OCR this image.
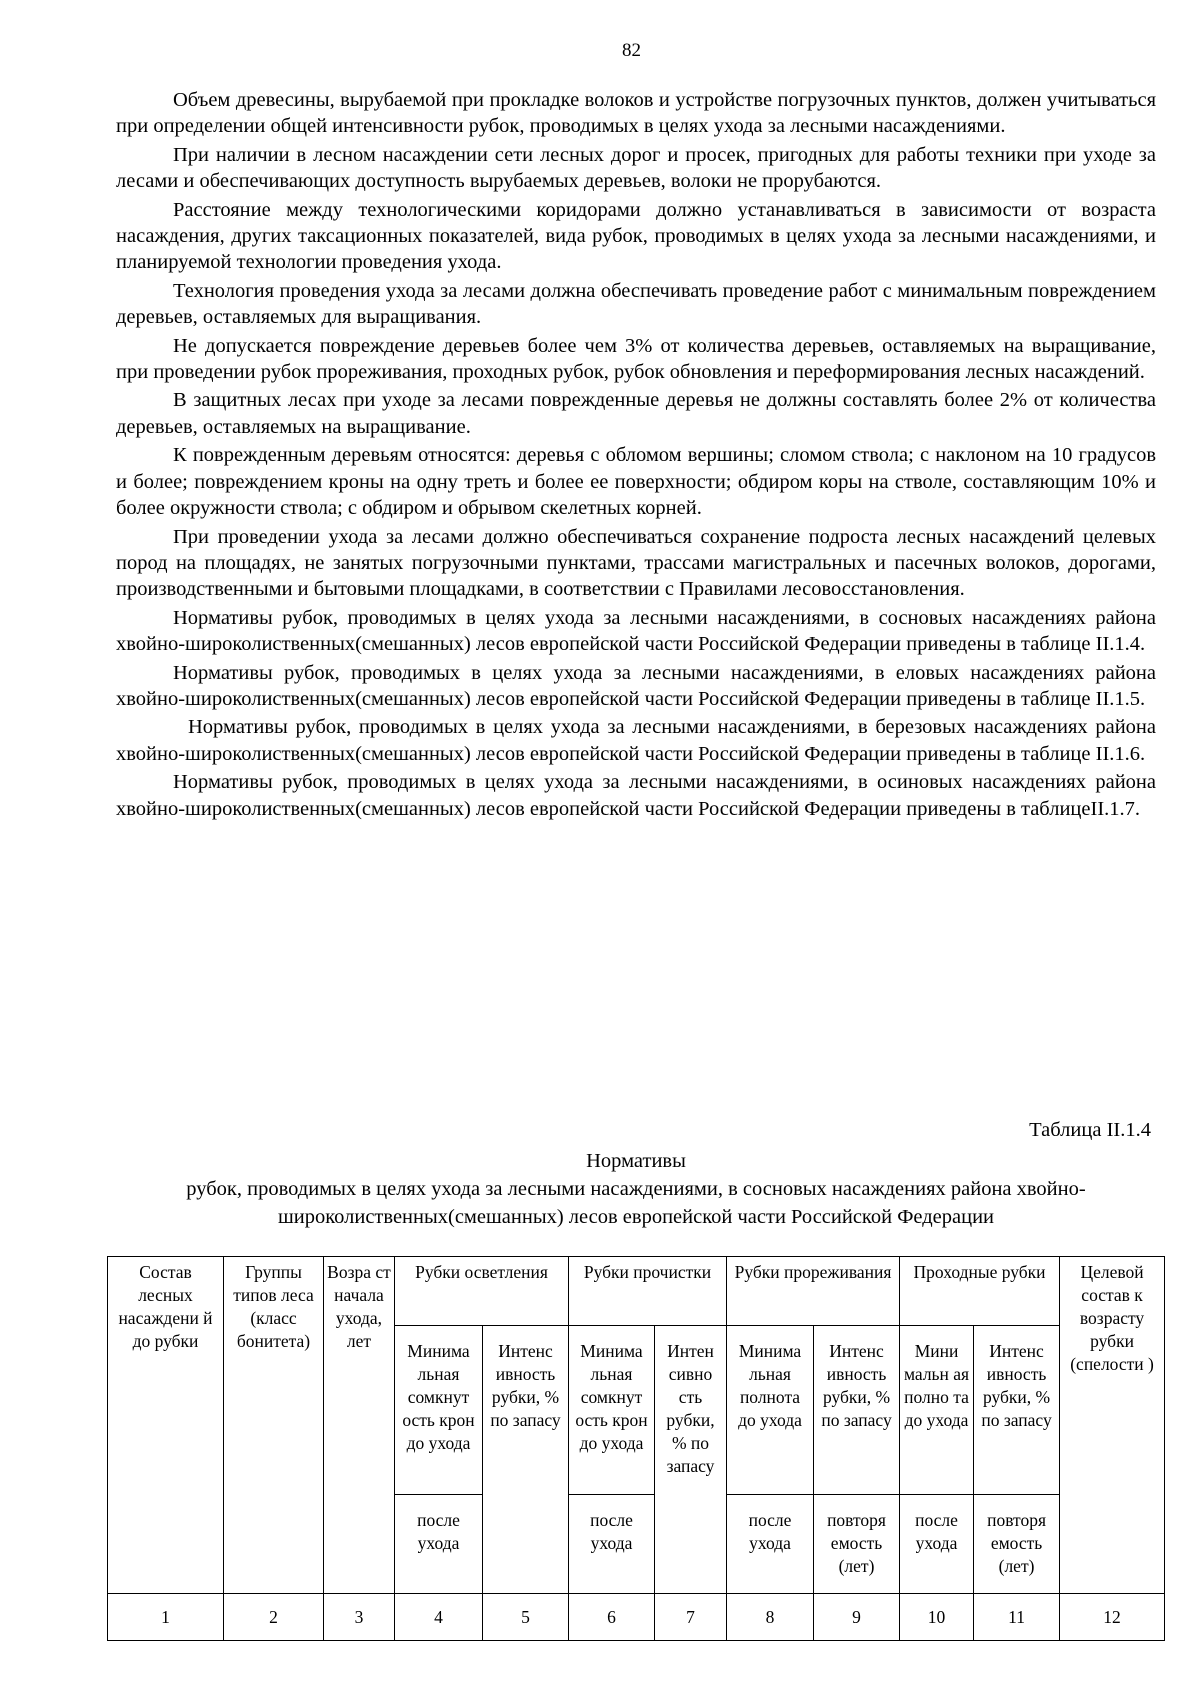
82

Объем древесины, вырубаемой при прокладке волоков и устройстве погрузочных пунктов, должен учитываться при определении общей интенсивности рубок, проводимых в целях ухода за лесными насаждениями.

При наличии в лесном насаждении сети лесных дорог и просек, пригодных для работы техники при уходе за лесами и обеспечивающих доступность вырубаемых деревьев, волоки не прорубаются.

Расстояние между технологическими коридорами должно устанавливаться в зависимости от возраста насаждения, других таксационных показателей, вида рубок, проводимых в целях ухода за лесными насаждениями, и планируемой технологии проведения ухода.

Технология проведения ухода за лесами должна обеспечивать проведение работ с минимальным повреждением деревьев, оставляемых для выращивания.

Не допускается повреждение деревьев более чем 3% от количества деревьев, оставляемых на выращивание, при проведении рубок прореживания, проходных рубок, рубок обновления и переформирования лесных насаждений.

В защитных лесах при уходе за лесами поврежденные деревья не должны составлять более 2% от количества деревьев, оставляемых на выращивание.

К поврежденным деревьям относятся: деревья с обломом вершины; сломом ствола; с наклоном на 10 градусов и более; повреждением кроны на одну треть и более ее поверхности; обдиром коры на стволе, составляющим 10% и более окружности ствола; с обдиром и обрывом скелетных корней.

При проведении ухода за лесами должно обеспечиваться сохранение подроста лесных насаждений целевых пород на площадях, не занятых погрузочными пунктами, трассами магистральных и пасечных волоков, дорогами, производственными и бытовыми площадками, в соответствии с Правилами лесовосстановления.

Нормативы рубок, проводимых в целях ухода за лесными насаждениями, в сосновых насаждениях района хвойно-широколиственных(смешанных) лесов европейской части Российской Федерации приведены в таблице II.1.4.

Нормативы рубок, проводимых в целях ухода за лесными насаждениями, в еловых насаждениях района хвойно-широколиственных(смешанных) лесов европейской части Российской Федерации приведены в таблице II.1.5.

Нормативы рубок, проводимых в целях ухода за лесными насаждениями, в березовых насаждениях района хвойно-широколиственных(смешанных) лесов европейской части Российской Федерации приведены в таблице II.1.6.

Нормативы рубок, проводимых в целях ухода за лесными насаждениями, в осиновых насаждениях района хвойно-широколиственных(смешанных) лесов европейской части Российской Федерации приведены в таблицеII.1.7.

Таблица II.1.4
Нормативы
рубок, проводимых в целях ухода за лесными насаждениями, в сосновых насаждениях района хвойно-широколиственных(смешанных) лесов европейской части Российской Федерации
Состав лесных насаждени й до рубки	Группы типов леса (класс бонитета)	Возра ст начала ухода, лет	Рубки осветления		Рубки прочистки		Рубки прореживания		Проходные рубки		Целевой состав к возрасту рубки (спелости )
			Минима льная сомкнут ость крон до ухода	Интенс ивность рубки, % по запасу	Минима льная сомкнут ость крон до ухода	Интен сивно сть рубки, % по запасу	Минима льная полнота до ухода	Интенс ивность рубки, % по запасу	Мини мальн ая полно та до ухода	Интенс ивность рубки, % по запасу	
			после ухода		после ухода		после ухода	повторя емость (лет)	после ухода	повторя емость (лет)	
1	2	3	4	5	6	7	8	9	10	11	12
